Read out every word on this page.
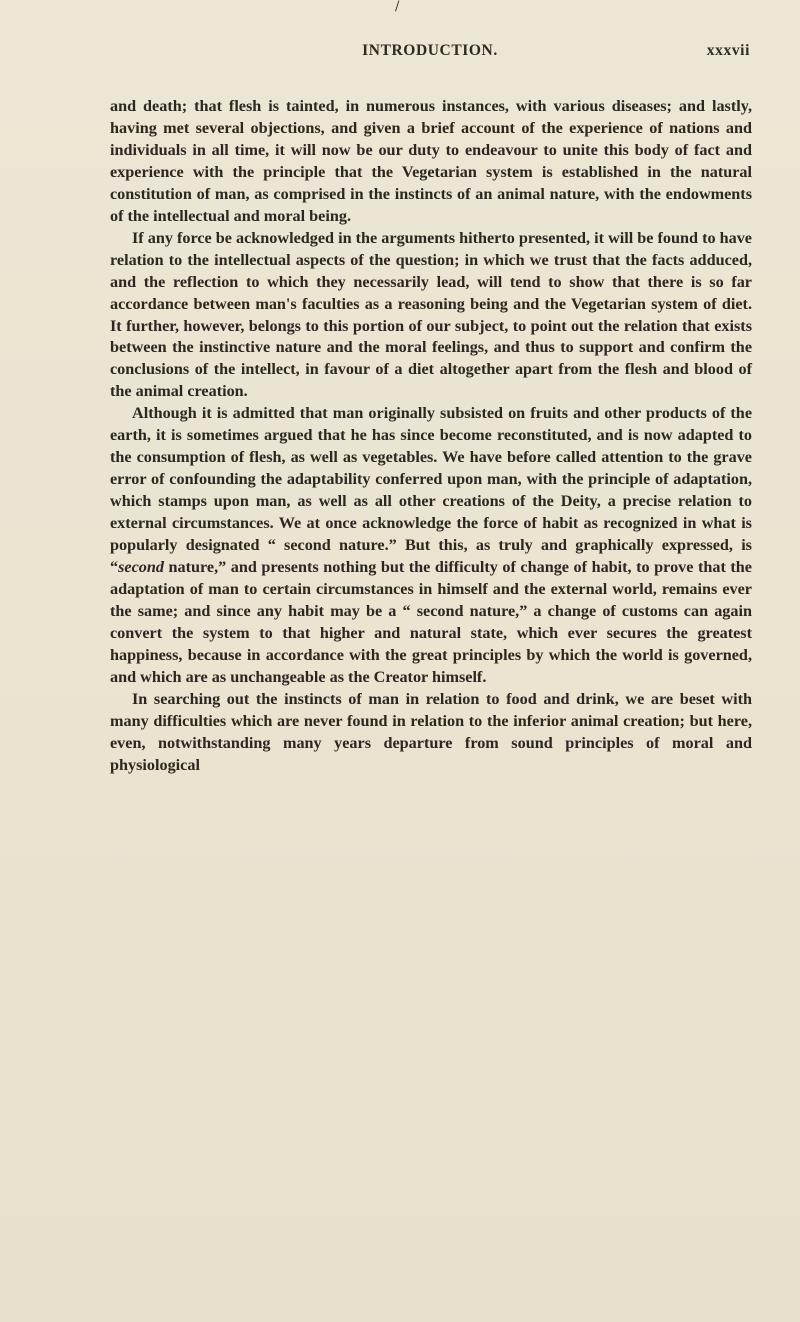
/
INTRODUCTION.	xxxvii

and death; that flesh is tainted, in numerous instances, with various diseases; and lastly, having met several objections, and given a brief account of the experience of nations and individuals in all time, it will now be our duty to endeavour to unite this body of fact and experience with the principle that the Vegetarian system is established in the natural constitution of man, as comprised in the instincts of an animal nature, with the endowments of the intellectual and moral being.

If any force be acknowledged in the arguments hitherto presented, it will be found to have relation to the intellectual aspects of the question; in which we trust that the facts adduced, and the reflection to which they necessarily lead, will tend to show that there is so far accordance between man's faculties as a reasoning being and the Vegetarian system of diet. It further, however, belongs to this portion of our subject, to point out the relation that exists between the instinctive nature and the moral feelings, and thus to support and confirm the conclusions of the intellect, in favour of a diet altogether apart from the flesh and blood of the animal creation.

Although it is admitted that man originally subsisted on fruits and other products of the earth, it is sometimes argued that he has since become reconstituted, and is now adapted to the consumption of flesh, as well as vegetables. We have before called attention to the grave error of confounding the adaptability conferred upon man, with the principle of adaptation, which stamps upon man, as well as all other creations of the Deity, a precise relation to external circumstances. We at once acknowledge the force of habit as recognized in what is popularly designated “ second nature.” But this, as truly and graphically expressed, is “second nature,” and presents nothing but the difficulty of change of habit, to prove that the adaptation of man to certain circumstances in himself and the external world, remains ever the same; and since any habit may be a “ second nature,” a change of customs can again convert the system to that higher and natural state, which ever secures the greatest happiness, because in accordance with the great principles by which the world is governed, and which are as unchangeable as the Creator himself.

In searching out the instincts of man in relation to food and drink, we are beset with many difficulties which are never found in relation to the inferior animal creation; but here, even, notwithstanding many years departure from sound principles of moral and physiological
